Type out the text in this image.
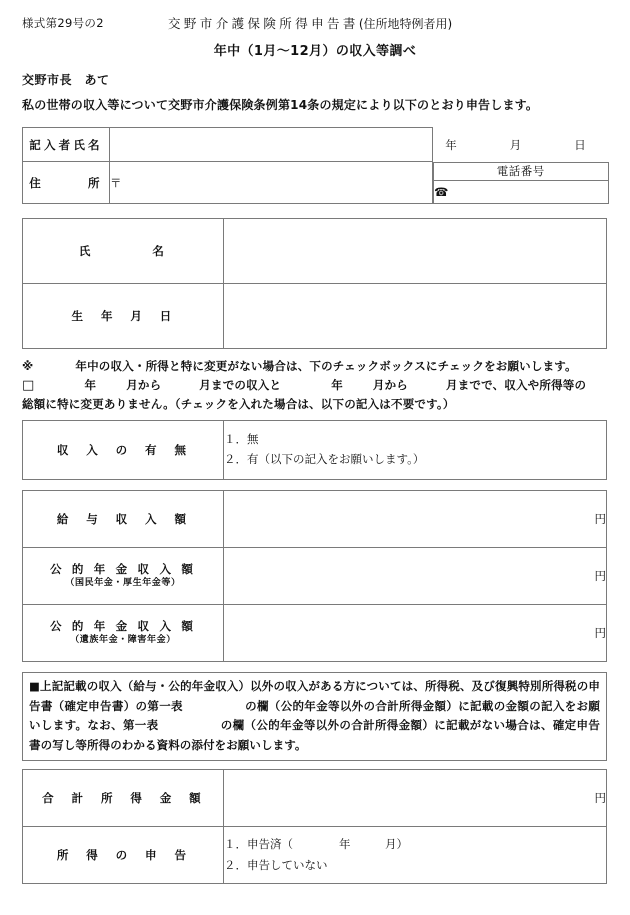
様式第29号の2	交野市介護保険所得申告書(住所地特例者用)
年中（1月～12月）の収入等調べ
交野市長　あて
私の世帯の収入等について交野市介護保険条例第14条の規定により以下のとおり申告します。
記入者氏名		年　　月　　日
住　　　所	〒	
電話番号
☎
氏　　　　名	
生　年　月　日	
※	年中の収入・所得と特に変更がない場合は、下のチェックボックスにチェックをお願いします。
□	年	月から	月までの収入と	年	月から	月までで、収入や所得等の
総額に特に変更ありません。（チェックを入れた場合は、以下の記入は不要です。）
収　入　の　有　無	
１．無
２．有（以下の記入をお願いします。）
給　与　収　入　額	円
公 的 年 金 収 入 額
（国民年金・厚生年金等）	円
公 的 年 金 収 入 額
（遺族年金・障害年金）	円
■上記記載の収入（給与・公的年金収入）以外の収入がある方については、所得税、及び復興特別所得税の申告書（確定申告書）の第一表	の欄（公的年金等以外の合計所得金額）に記載の金額の記入をお願いします。なお、第一表	の欄（公的年金等以外の合計所得金額）に記載がない場合は、確定申告書の写し等所得のわかる資料の添付をお願いします。
合　計　所　得　金　額	円
所　得　の　申　告	１．申告済（　　　　年　　　月）
２．申告していない
